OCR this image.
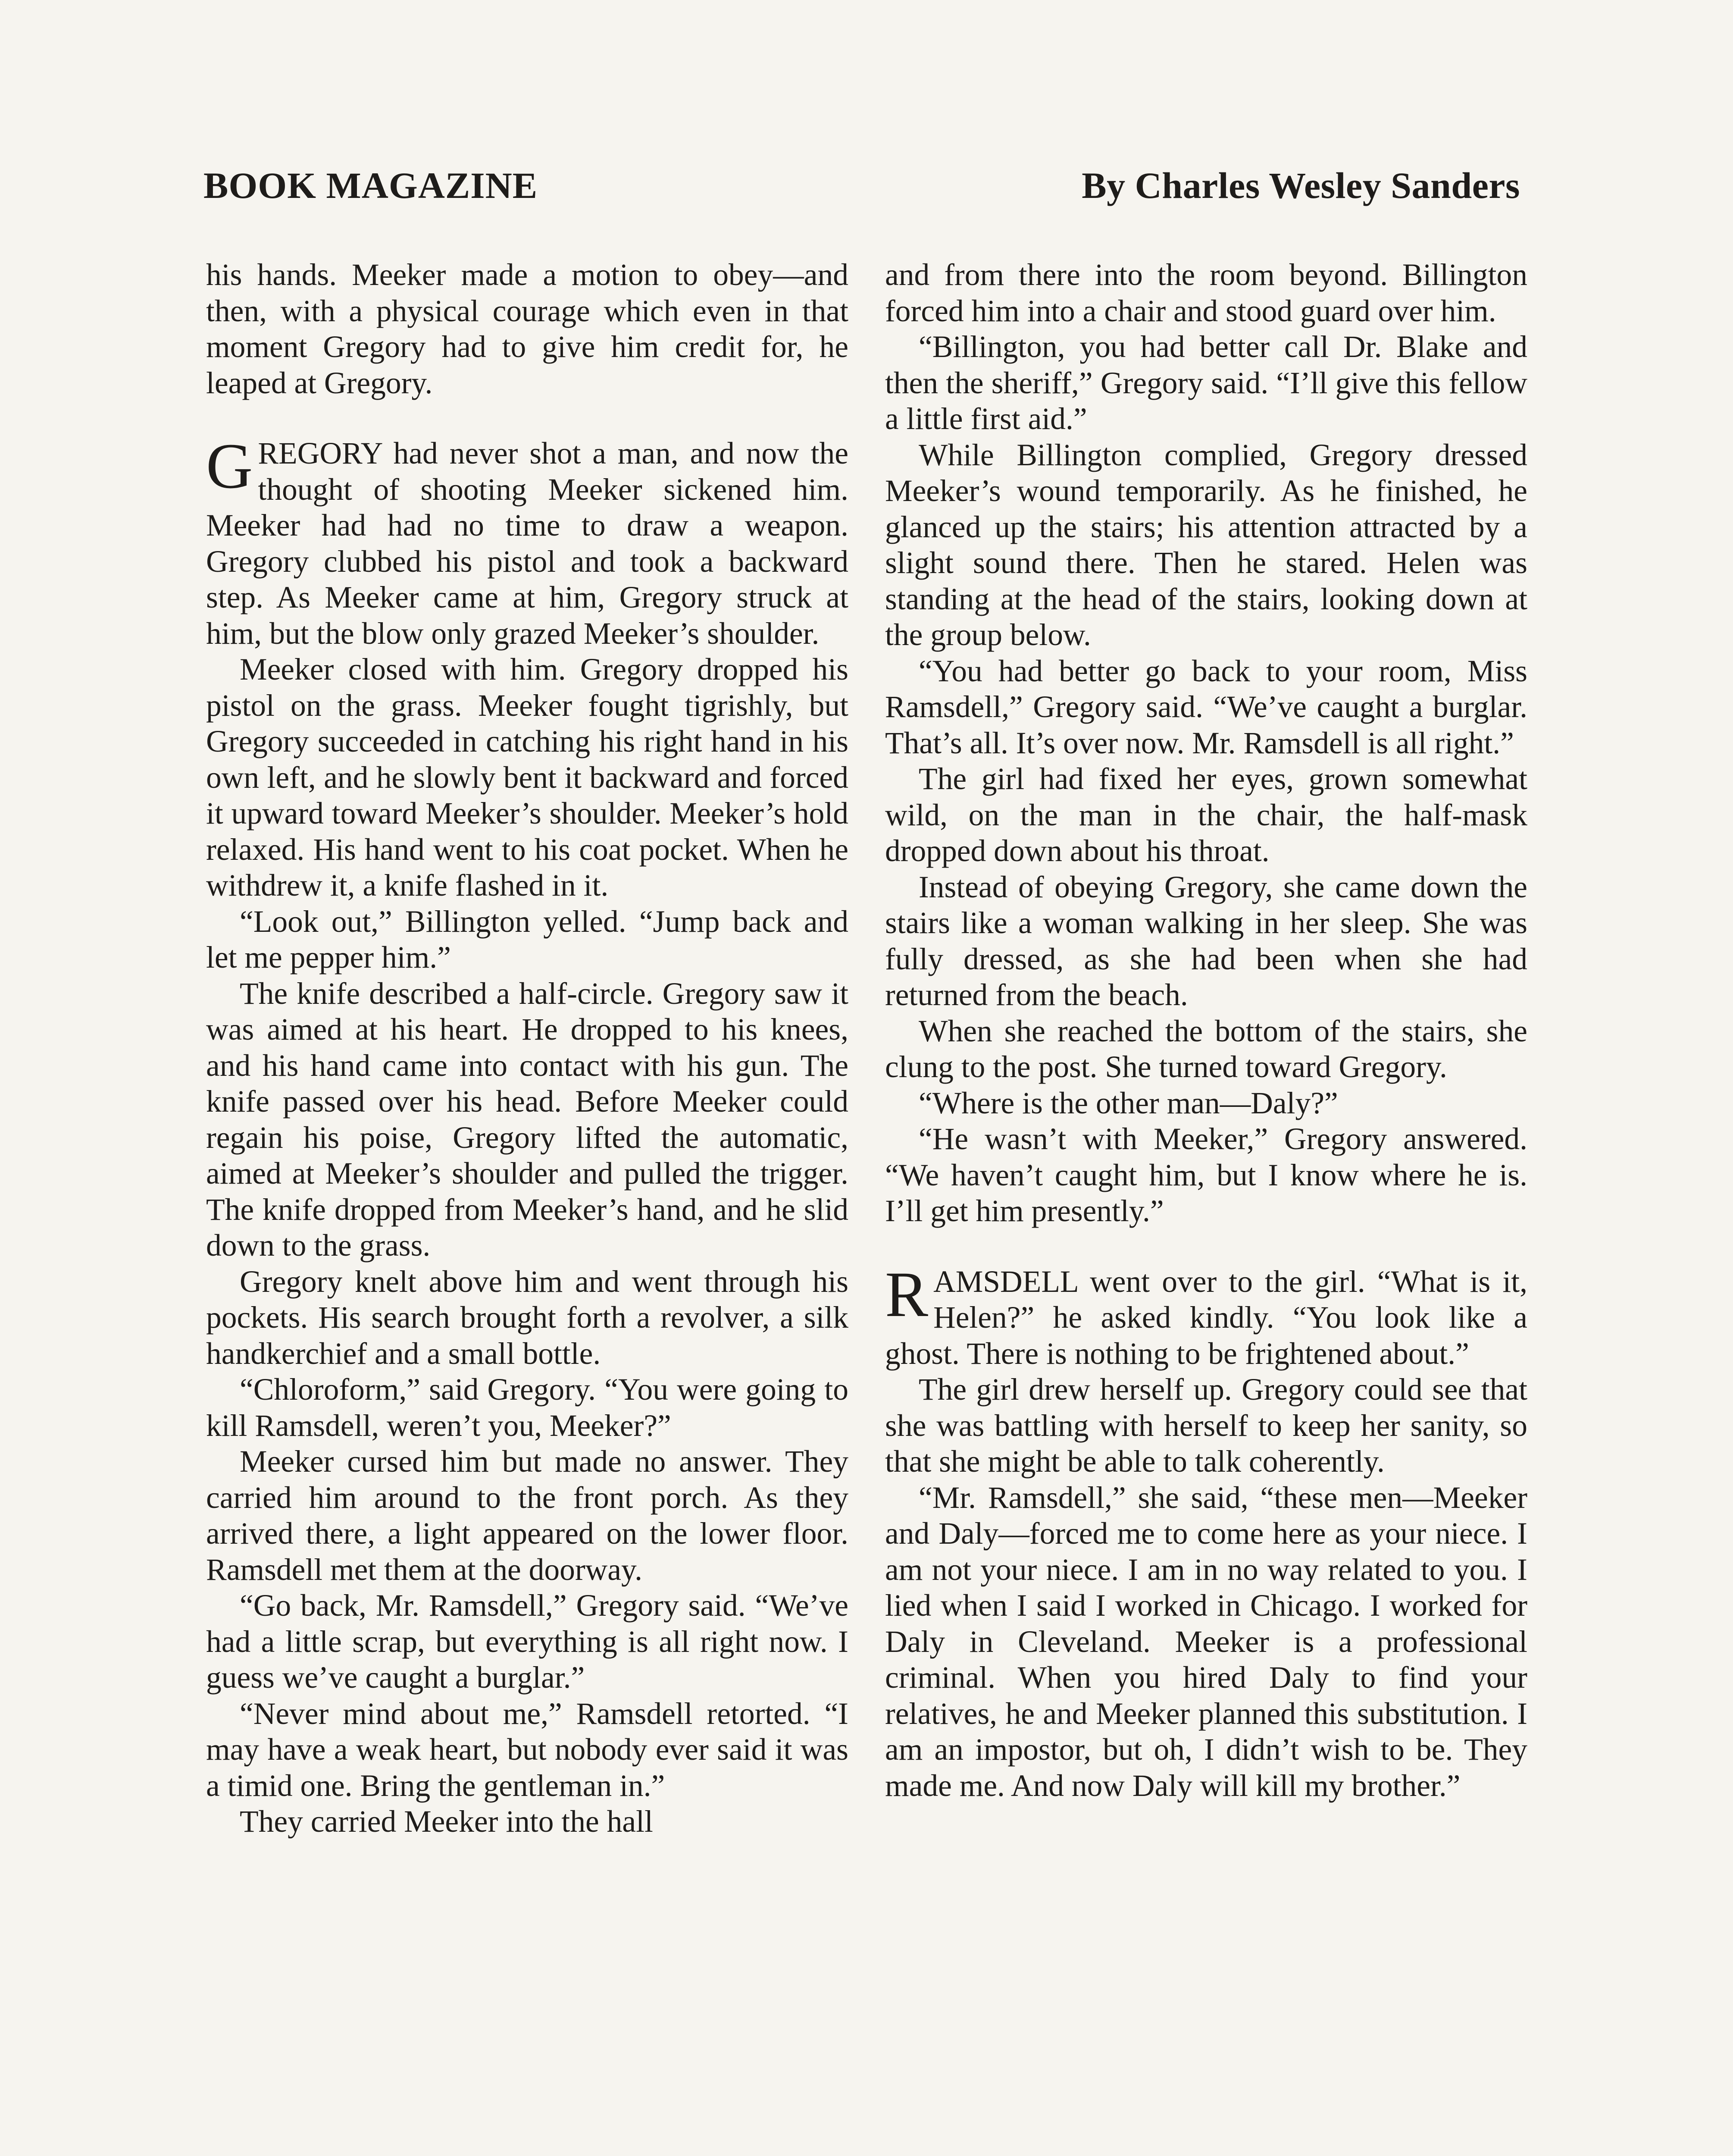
BOOK MAGAZINE	By Charles Wesley Sanders

his hands. Meeker made a motion to obey—and then, with a physical courage which even in that moment Gregory had to give him credit for, he leaped at Gregory.

GREGORY had never shot a man, and now the thought of shooting Meeker sickened him. Meeker had had no time to draw a weapon. Gregory clubbed his pistol and took a backward step. As Meeker came at him, Gregory struck at him, but the blow only grazed Meeker’s shoulder.

Meeker closed with him. Gregory dropped his pistol on the grass. Meeker fought tigrishly, but Gregory succeeded in catching his right hand in his own left, and he slowly bent it backward and forced it upward toward Meeker’s shoulder. Meeker’s hold relaxed. His hand went to his coat pocket. When he withdrew it, a knife flashed in it.

“Look out,” Billington yelled. “Jump back and let me pepper him.”

The knife described a half-circle. Gregory saw it was aimed at his heart. He dropped to his knees, and his hand came into contact with his gun. The knife passed over his head. Before Meeker could regain his poise, Gregory lifted the automatic, aimed at Meeker’s shoulder and pulled the trigger. The knife dropped from Meeker’s hand, and he slid down to the grass.

Gregory knelt above him and went through his pockets. His search brought forth a revolver, a silk handkerchief and a small bottle.

“Chloroform,” said Gregory. “You were going to kill Ramsdell, weren’t you, Meeker?”

Meeker cursed him but made no answer. They carried him around to the front porch. As they arrived there, a light appeared on the lower floor. Ramsdell met them at the doorway.

“Go back, Mr. Ramsdell,” Gregory said. “We’ve had a little scrap, but everything is all right now. I guess we’ve caught a burglar.”

“Never mind about me,” Ramsdell retorted. “I may have a weak heart, but nobody ever said it was a timid one. Bring the gentleman in.”

They carried Meeker into the hall

and from there into the room beyond. Billington forced him into a chair and stood guard over him.

“Billington, you had better call Dr. Blake and then the sheriff,” Gregory said. “I’ll give this fellow a little first aid.”

While Billington complied, Gregory dressed Meeker’s wound temporarily. As he finished, he glanced up the stairs; his attention attracted by a slight sound there. Then he stared. Helen was standing at the head of the stairs, looking down at the group below.

“You had better go back to your room, Miss Ramsdell,” Gregory said. “We’ve caught a burglar. That’s all. It’s over now. Mr. Ramsdell is all right.”

The girl had fixed her eyes, grown somewhat wild, on the man in the chair, the half-mask dropped down about his throat.

Instead of obeying Gregory, she came down the stairs like a woman walking in her sleep. She was fully dressed, as she had been when she had returned from the beach.

When she reached the bottom of the stairs, she clung to the post. She turned toward Gregory.

“Where is the other man—Daly?”

“He wasn’t with Meeker,” Gregory answered. “We haven’t caught him, but I know where he is. I’ll get him presently.”

RAMSDELL went over to the girl. “What is it, Helen?” he asked kindly. “You look like a ghost. There is nothing to be frightened about.”

The girl drew herself up. Gregory could see that she was battling with herself to keep her sanity, so that she might be able to talk coherently.

“Mr. Ramsdell,” she said, “these men—Meeker and Daly—forced me to come here as your niece. I am not your niece. I am in no way related to you. I lied when I said I worked in Chicago. I worked for Daly in Cleveland. Meeker is a professional criminal. When you hired Daly to find your relatives, he and Meeker planned this substitution. I am an impostor, but oh, I didn’t wish to be. They made me. And now Daly will kill my brother.”
